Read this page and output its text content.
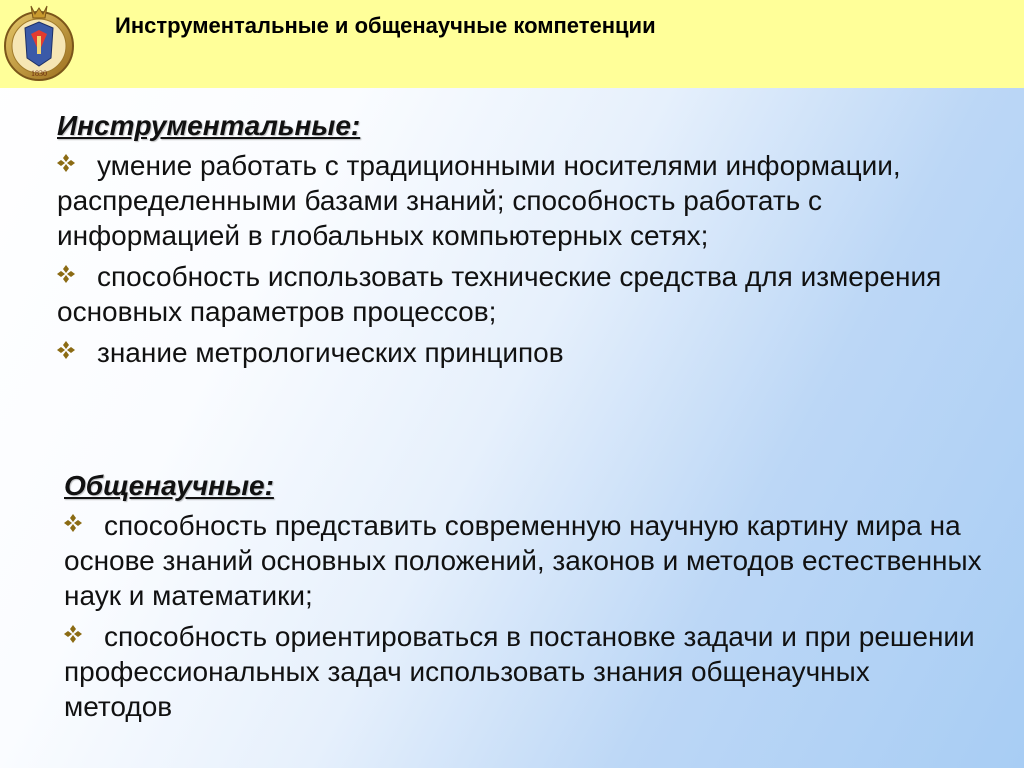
1830
Инструментальные и общенаучные компетенции
Инструментальные:
умение работать с традиционными носителями информации, распределенными базами знаний; способность работать с информацией в глобальных компьютерных сетях;
способность использовать технические средства для измерения основных параметров процессов;
знание метрологических принципов
Общенаучные:
способность представить современную научную картину мира на основе знаний основных положений, законов и методов естественных наук и математики;
способность ориентироваться в постановке задачи и при решении профессиональных задач использовать знания общенаучных методов
